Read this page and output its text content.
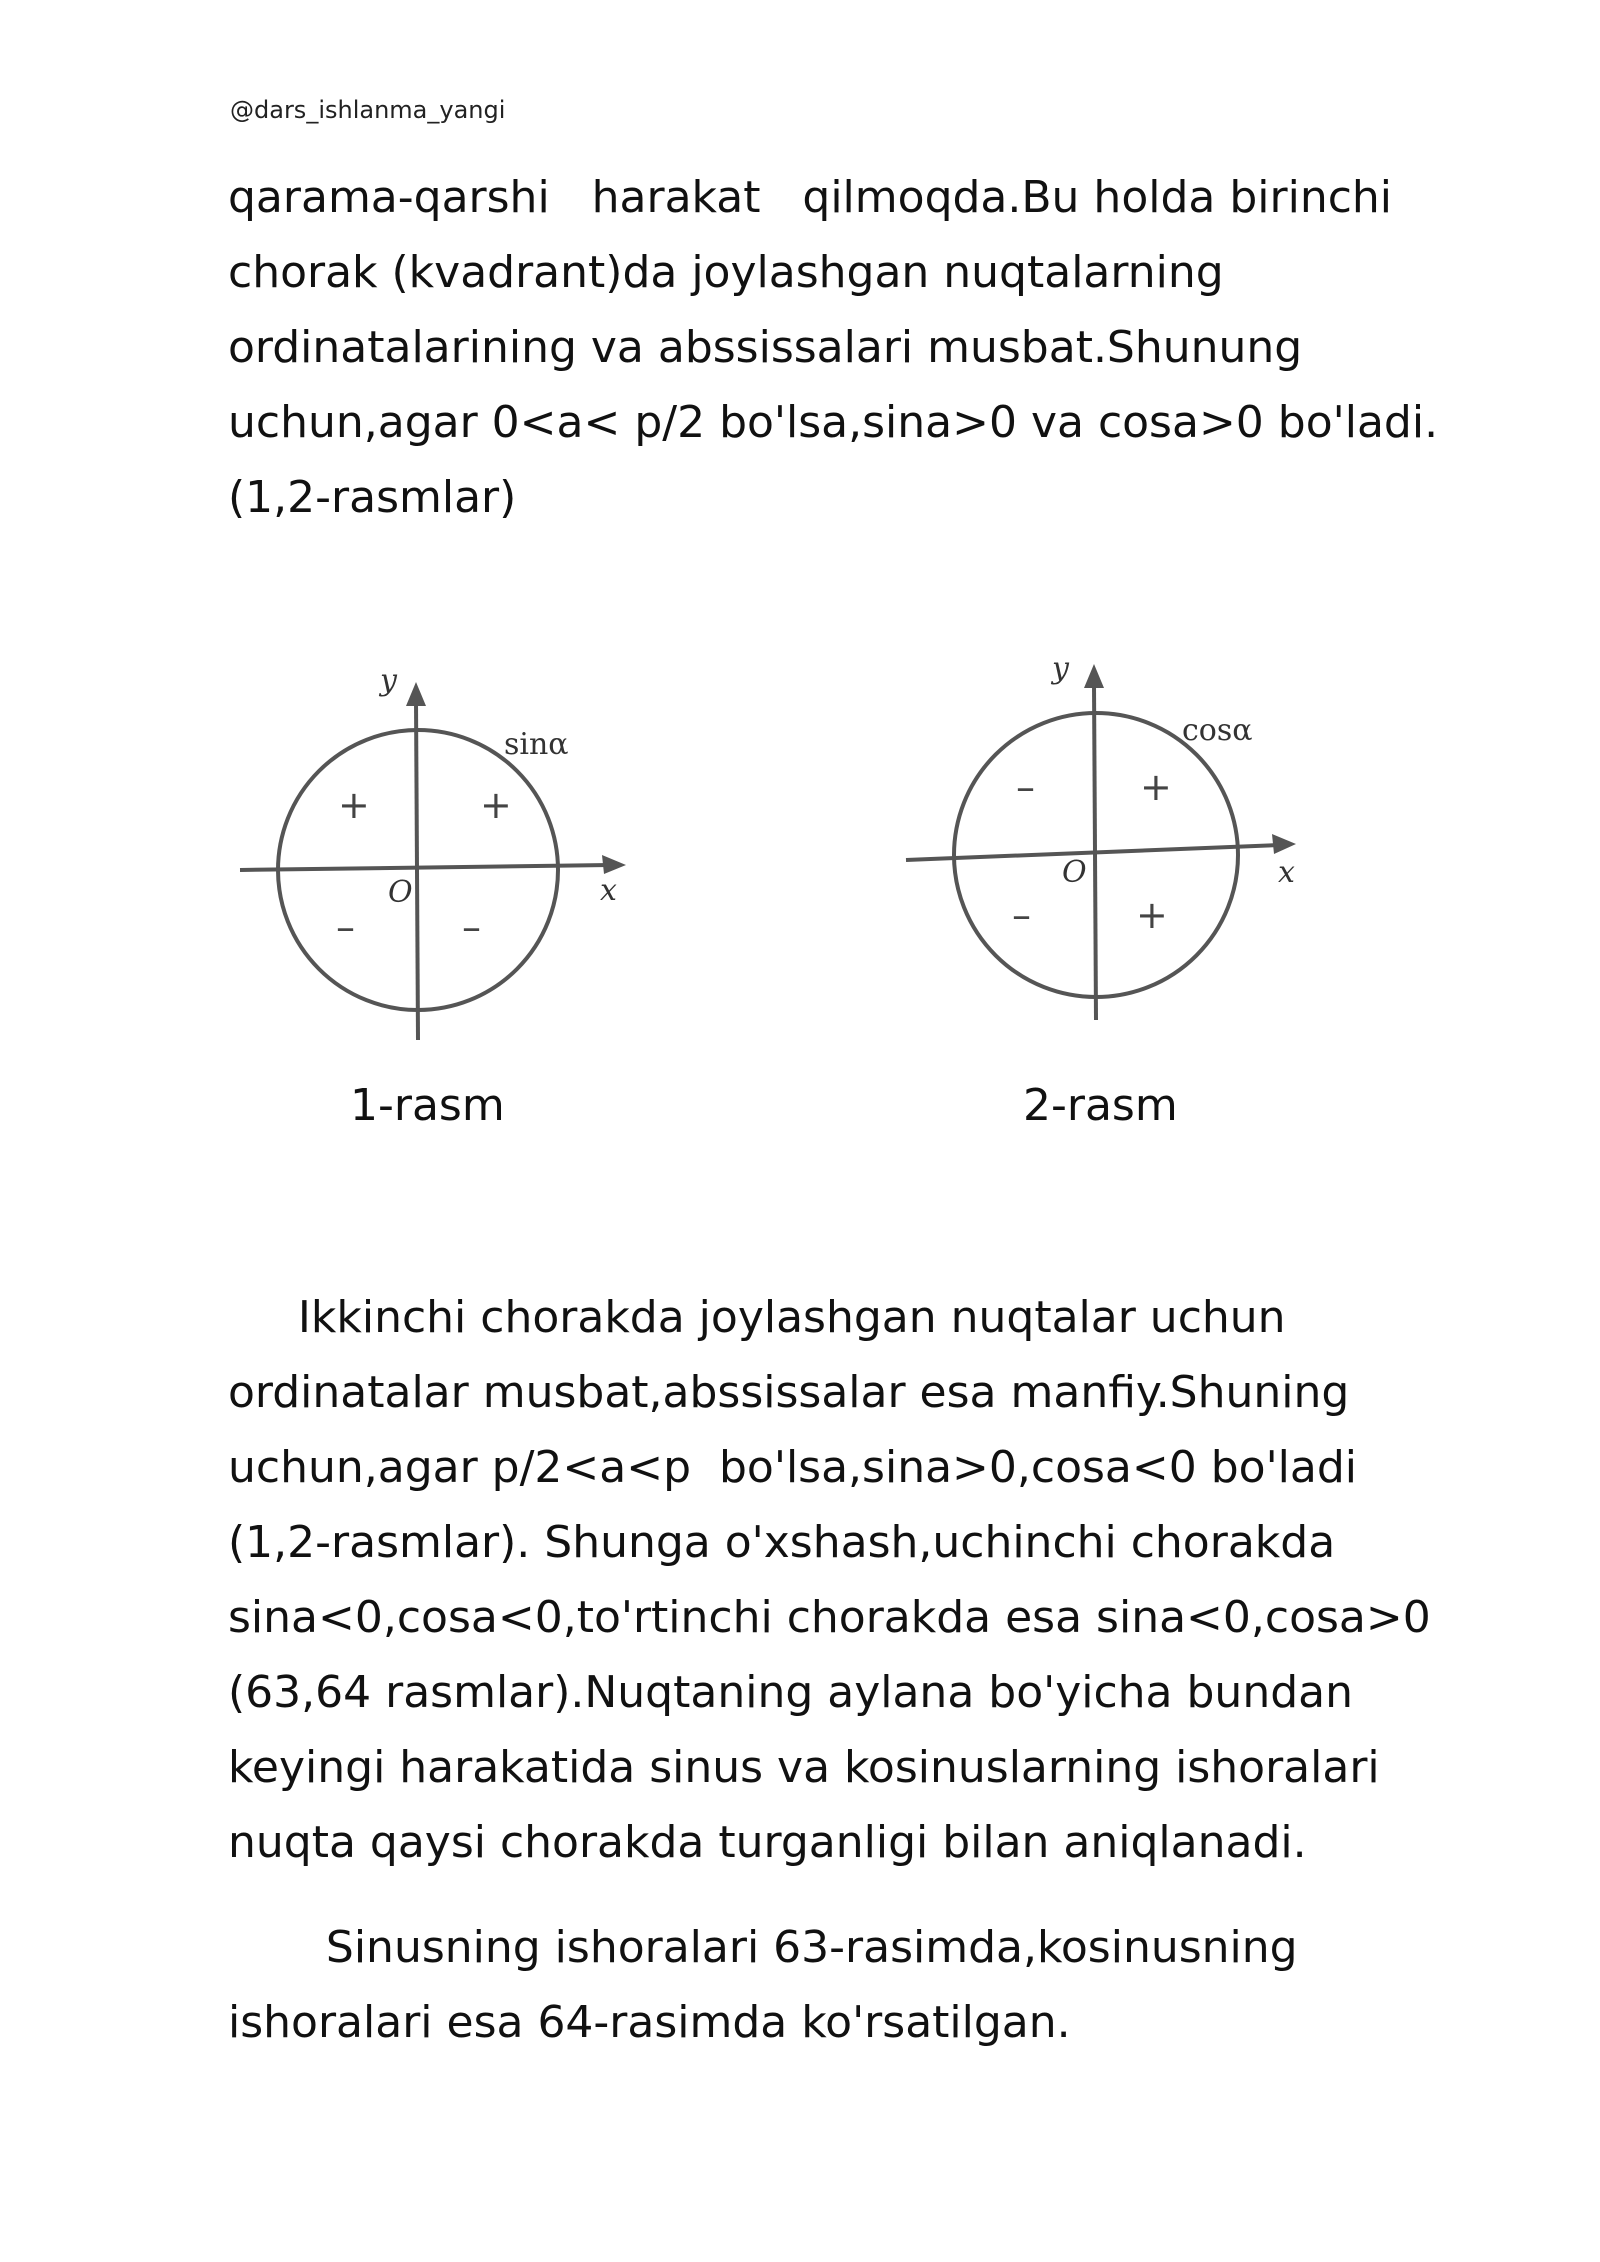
@dars_ishlanma_yangi

qarama-qarshi   harakat   qilmoqda.Bu holda birinchi
chorak (kvadrant)da joylashgan nuqtalarning
ordinatalarining va abssissalari musbat.Shunung
uchun,agar 0<a< p/2 bo'lsa,sina>0 va cosa>0 bo'ladi.
(1,2-rasmlar)

y
x
O
sinα
+
+
–	–
1-rasm
y
x
O
cosα
+
–
–	+
2-rasm

Ikkinchi chorakda joylashgan nuqtalar uchun
ordinatalar musbat,abssissalar esa manfiy.Shuning
uchun,agar p/2<a<p  bo'lsa,sina>0,cosa<0 bo'ladi
(1,2-rasmlar). Shunga o'xshash,uchinchi chorakda
sina<0,cosa<0,to'rtinchi chorakda esa sina<0,cosa>0
(63,64 rasmlar).Nuqtaning aylana bo'yicha bundan
keyingi harakatida sinus va kosinuslarning ishoralari
nuqta qaysi chorakda turganligi bilan aniqlanadi.

Sinusning ishoralari 63-rasimda,kosinusning
ishoralari esa 64-rasimda ko'rsatilgan.
